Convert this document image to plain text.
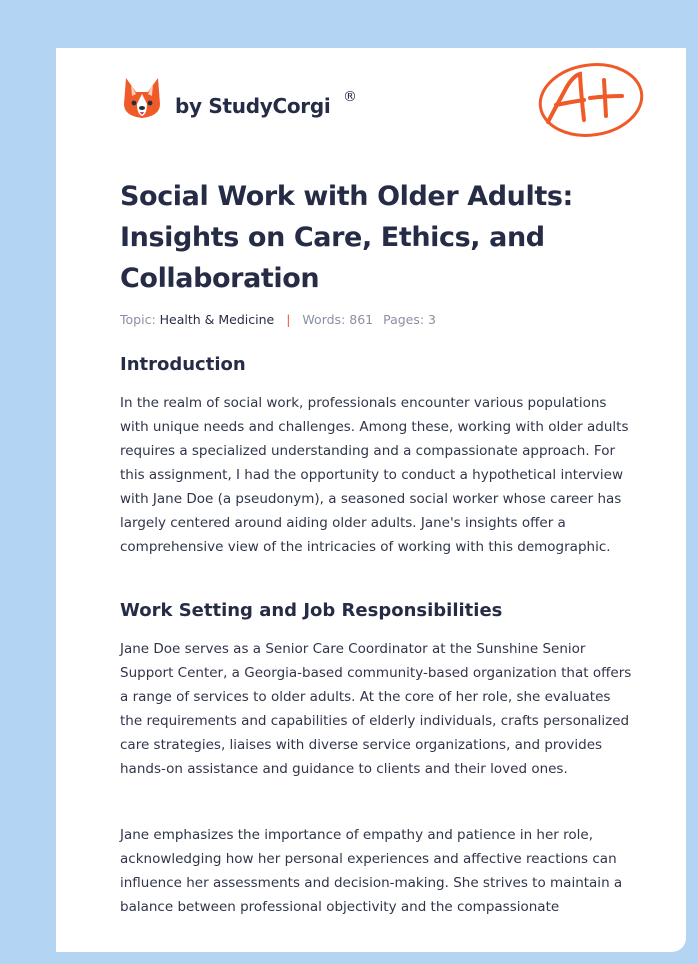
by StudyCorgi ®
Social Work with Older Adults: Insights on Care, Ethics, and Collaboration
Topic: Health & Medicine | Words: 861 Pages: 3
Introduction

In the realm of social work, professionals encounter various populations with unique needs and challenges. Among these, working with older adults requires a specialized understanding and a compassionate approach. For this assignment, I had the opportunity to conduct a hypothetical interview with Jane Doe (a pseudonym), a seasoned social worker whose career has largely centered around aiding older adults. Jane's insights offer a comprehensive view of the intricacies of working with this demographic.

Work Setting and Job Responsibilities

Jane Doe serves as a Senior Care Coordinator at the Sunshine Senior Support Center, a Georgia-based community-based organization that offers a range of services to older adults. At the core of her role, she evaluates the requirements and capabilities of elderly individuals, crafts personalized care strategies, liaises with diverse service organizations, and provides hands-on assistance and guidance to clients and their loved ones.

Jane emphasizes the importance of empathy and patience in her role, acknowledging how her personal experiences and affective reactions can influence her assessments and decision-making. She strives to maintain a balance between professional objectivity and the compassionate
